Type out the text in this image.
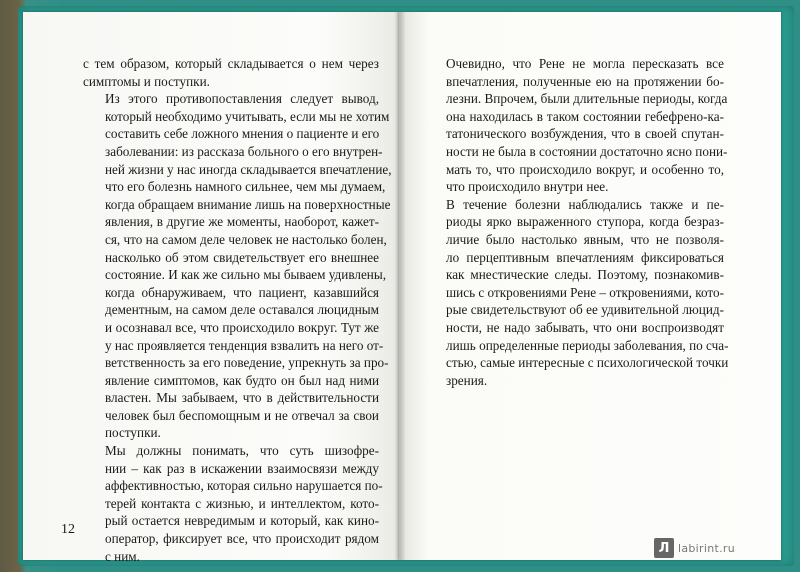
с тем образом, который складывается о нем через
симптомы и поступки.

Из этого противопоставления следует вывод,
который необходимо учитывать, если мы не хотим
составить себе ложного мнения о пациенте и его
заболевании: из рассказа больного о его внутрен-
ней жизни у нас иногда складывается впечатление,
что его болезнь намного сильнее, чем мы думаем,
когда обращаем внимание лишь на поверхностные
явления, в другие же моменты, наоборот, кажет-
ся, что на самом деле человек не настолько болен,
насколько об этом свидетельствует его внешнее
состояние. И как же сильно мы бываем удивлены,
когда обнаруживаем, что пациент, казавшийся
дементным, на самом деле оставался люцидным
и осознавал все, что происходило вокруг. Тут же
у нас проявляется тенденция взвалить на него от-
ветственность за его поведение, упрекнуть за про-
явление симптомов, как будто он был над ними
властен. Мы забываем, что в действительности
человек был беспомощным и не отвечал за свои
поступки.

Мы должны понимать, что суть шизофре-
нии – как раз в искажении взаимосвязи между
аффективностью, которая сильно нарушается по-
терей контакта с жизнью, и интеллектом, кото-
рый остается невредимым и который, как кино-
оператор, фиксирует все, что происходит рядом
с ним.

12

Очевидно, что Рене не могла пересказать все
впечатления, полученные ею на протяжении бо-
лезни. Впрочем, были длительные периоды, когда
она находилась в таком состоянии гебефрено-ка-
татонического возбуждения, что в своей спутан-
ности не была в состоянии достаточно ясно пони-
мать то, что происходило вокруг, и особенно то,
что происходило внутри нее.

В течение болезни наблюдались также и пе-
риоды ярко выраженного ступора, когда безраз-
личие было настолько явным, что не позволя-
ло перцептивным впечатлениям фиксироваться
как мнестические следы. Поэтому, познакомив-
шись с откровениями Рене – откровениями, кото-
рые свидетельствуют об ее удивительной люцид-
ности, не надо забывать, что они воспроизводят
лишь определенные периоды заболевания, по сча-
стью, самые интересные с психологической точки
зрения.

Л labirint.ru
